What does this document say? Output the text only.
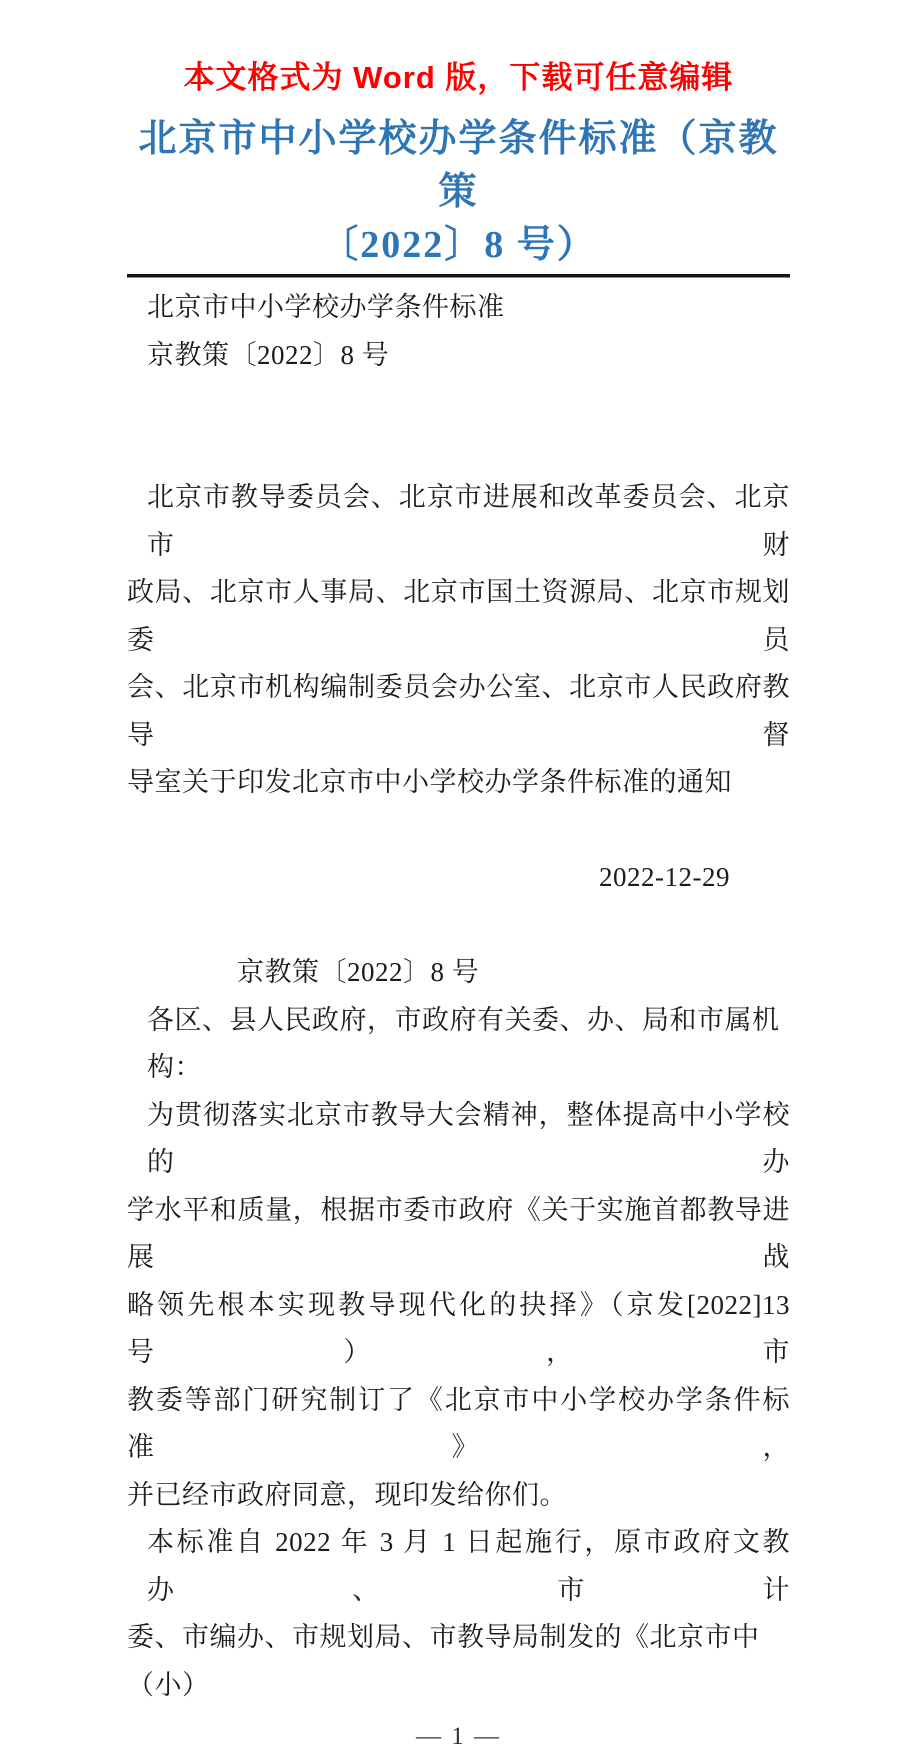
本文格式为 Word 版，下载可任意编辑
北京市中小学校办学条件标准（京教策
〔2022〕8 号）
北京市中小学校办学条件标准
京教策〔2022〕8 号
北京市教导委员会、北京市进展和改革委员会、北京市财
政局、北京市人事局、北京市国土资源局、北京市规划委员
会、北京市机构编制委员会办公室、北京市人民政府教导督
导室关于印发北京市中小学校办学条件标准的通知
2022-12-29
京教策〔2022〕8 号
各区、县人民政府，市政府有关委、办、局和市属机构：
为贯彻落实北京市教导大会精神，整体提高中小学校的办
学水平和质量，根据市委市政府《关于实施首都教导进展战
略领先根本实现教导现代化的抉择》（京发[2022]13 号），市
教委等部门研究制订了《北京市中小学校办学条件标准》，
并已经市政府同意，现印发给你们。
本标准自 2022 年 3 月 1 日起施行，原市政府文教办、市计
委、市编办、市规划局、市教导局制发的《北京市中（小）
— 1 —
